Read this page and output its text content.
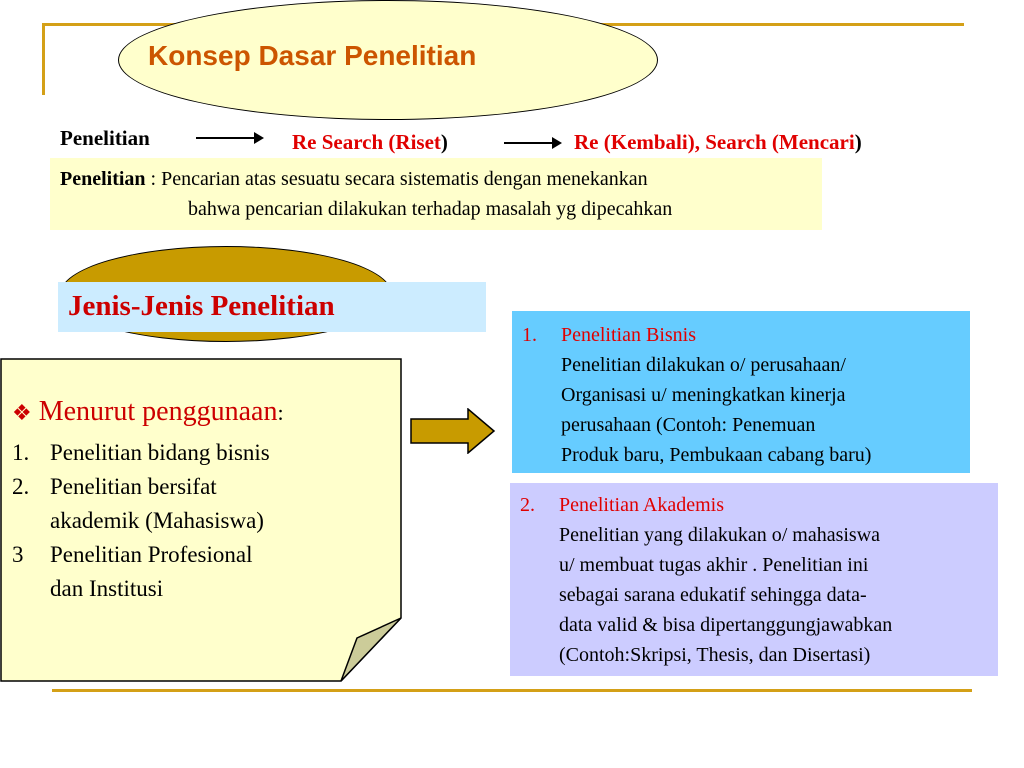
Konsep Dasar Penelitian
Penelitian	Re Search (Riset)	Re (Kembali), Search (Mencari)
Penelitian : Pencarian atas sesuatu secara sistematis dengan menekankan
bahwa pencarian dilakukan terhadap masalah yg dipecahkan
Jenis-Jenis Penelitian
❖ Menurut penggunaan:
1. Penelitian bidang bisnis
2. Penelitian bersifat
akademik (Mahasiswa)
3 Penelitian Profesional
dan Institusi
1. Penelitian Bisnis
Penelitian dilakukan o/ perusahaan/
Organisasi u/ meningkatkan kinerja
perusahaan (Contoh: Penemuan
Produk baru, Pembukaan cabang baru)
2. Penelitian Akademis
Penelitian yang dilakukan o/ mahasiswa
u/ membuat tugas akhir . Penelitian ini
sebagai sarana edukatif sehingga data-
data valid & bisa dipertanggungjawabkan
(Contoh:Skripsi, Thesis, dan Disertasi)
